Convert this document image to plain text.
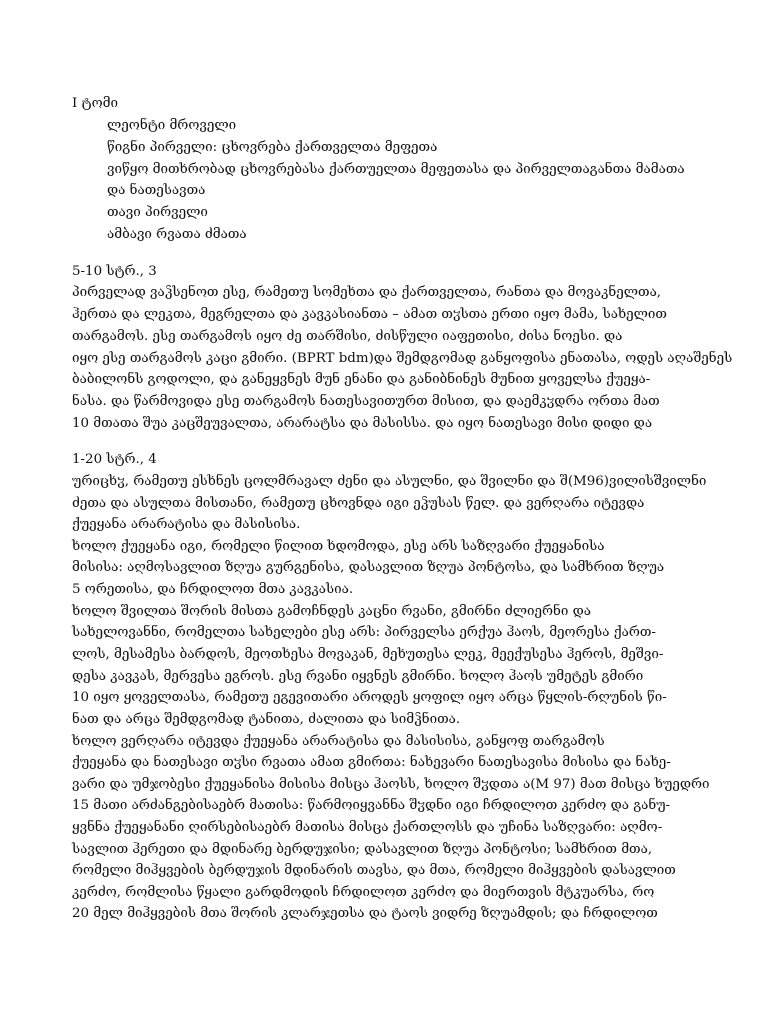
I ტომი
ლეონტი მროველი
წიგნი პირველი: ცხოვრება ქართველთა მეფეთა
ვიწყო მითხრობად ცხოვრებასა ქართუელთა მეფეთასა და პირველთაგანთა მამათა
და ნათესავთა
თავი პირველი
ამბავი რვათა ძმათა
5-10 სტრ., 3
პირველად ვაჴსენოთ ესე, რამეთუ სომეხთა და ქართველთა, რანთა და მოვაკნელთა,
ჰერთა და ლეკთა, მეგრელთა და კავკასიანთა – ამათ თჳსთა ერთი იყო მამა, სახელით
თარგამოს. ესე თარგამოს იყო ძე თარშისი, ძისწული იაფეთისი, ძისა ნოესი. და
იყო ესე თარგამოს კაცი გმირი. (BPRT bdm)და შემდგომად განყოფისა ენათასა, ოდეს აღაშენეს
ბაბილონს გოდოლი, და განეყვნეს მუნ ენანი და განიბნინეს მუნით ყოველსა ქუეყა-
ნასა. და წარმოვიდა ესე თარგამოს ნათესავითურთ მისით, და დაემკჳდრა ორთა მათ
10 მთათა შუა კაცშეუვალთა, არარატსა და მასისსა. და იყო ნათესავი მისი დიდი და
1-20 სტრ., 4
ურიცხჳ, რამეთუ ესხნეს ცოლმრავალ ძენი და ასულნი, და შვილნი და შ(M96)ვილისშვილნი
ძეთა და ასულთა მისთანი, რამეთუ ცხოვნდა იგი ეჴუსას წელ. და ვერღარა იტევდა
ქუეყანა არარატისა და მასისისა.
ხოლო ქუეყანა იგი, რომელი წილით ხდომოდა, ესე არს საზღვარი ქუეყანისა
მისისა: აღმოსავლით ზღუა გურგენისა, დასავლით ზღუა პონტოსა, და სამხრით ზღუა
5 ორეთისა, და ჩრდილოთ მთა კავკასია.
ხოლო შვილთა შორის მისთა გამოჩნდეს კაცნი რვანი, გმირნი ძლიერნი და
სახელოვანნი, რომელთა სახელები ესე არს: პირველსა ერქუა ჰაოს, მეორესა ქართ-
ლოს, მესამესა ბარდოს, მეოთხესა მოვაკან, მეხუთესა ლეკ, მეექუსესა ჰეროს, მეშვი-
დესა კავკას, მერვესა ეგროს. ესე რვანი იყვნეს გმირნი. ხოლო ჰაოს უმეტეს გმირი
10 იყო ყოველთასა, რამეთუ ეგევითარი აროდეს ყოფილ იყო არცა წყლის-რღუნის წი-
ნათ და არცა შემდგომად ტანითა, ძალითა და სიმჴნითა.
ხოლო ვერღარა იტევდა ქუეყანა არარატისა და მასისისა, განყოფ თარგამოს
ქუეყანა და ნათესავი თჳსი რვათა ამათ გმირთა: ნახევარი ნათესავისა მისისა და ნახე-
ვარი და უმჯობესი ქუეყანისა მისისა მისცა ჰაოსს, ხოლო შჳდთა ა(M 97) მათ მისცა ხუედრი
15 მათი არძანგებისაებრ მათისა: წარმოიყვანნა შჳდნი იგი ჩრდილოთ კერძო და განუ-
ყვნნა ქუეყანანი ღირსებისაებრ მათისა მისცა ქართლოსს და უჩინა საზღვარი: აღმო-
სავლით ჰერეთი და მდინარე ბერდუჯისი; დასავლით ზღუა პონტოსი; სამხრით მთა,
რომელი მიჰყვების ბერდუჯის მდინარის თავსა, და მთა, რომელი მიჰყვების დასავლით
კერძო, რომლისა წყალი გარდმოდის ჩრდილოთ კერძო და მიერთვის მტკუარსა, რო
20 მელ მიჰყვების მთა შორის კლარჯეთსა და ტაოს ვიდრე ზღუამდის; და ჩრდილოთ
